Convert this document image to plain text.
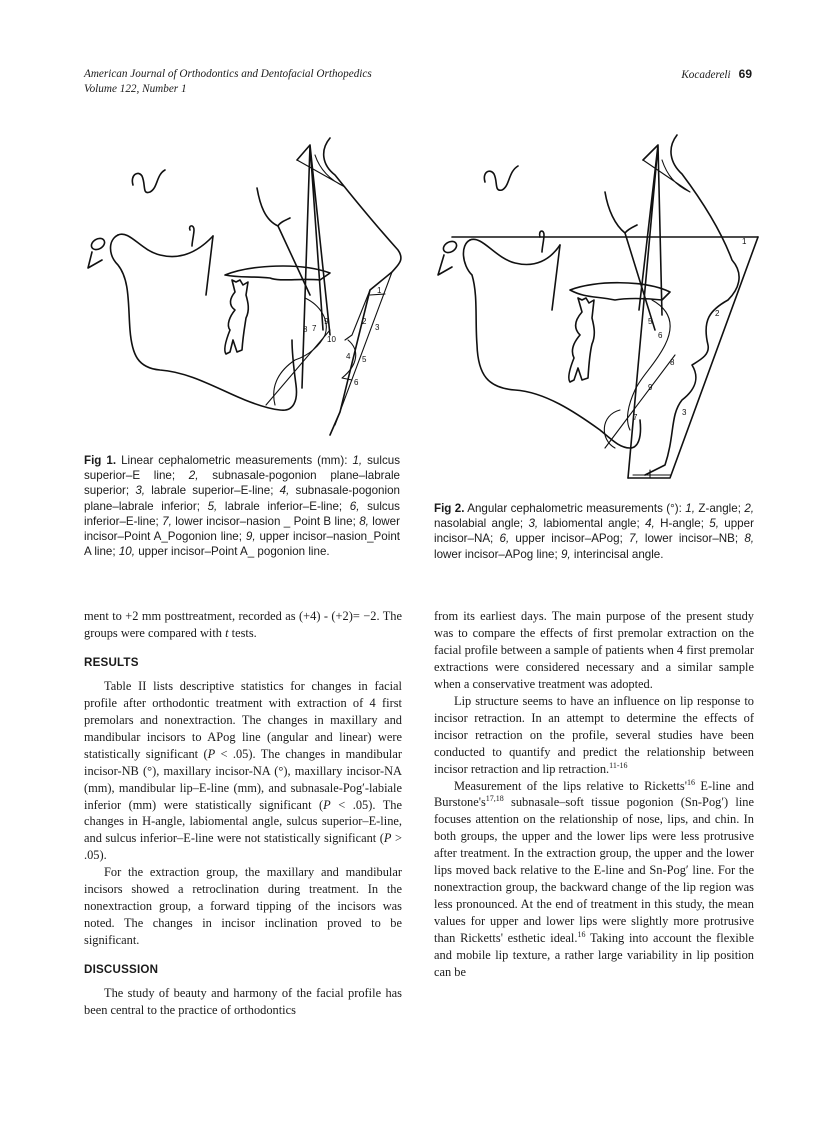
American Journal of Orthodontics and Dentofacial Orthopedics
Volume 122, Number 1
Kocadereli 69
1
2
3
4 5
6
7
8
9
10
1
2
3
5
6
7
8
9
Fig 1. Linear cephalometric measurements (mm): 1, sulcus superior–E line; 2, subnasale-pogonion plane–labrale superior; 3, labrale superior–E-line; 4, subnasale-pogonion plane–labrale inferior; 5, labrale inferior–E-line; 6, sulcus inferior–E-line; 7, lower incisor–nasion _ Point B line; 8, lower incisor–Point A_Pogonion line; 9, upper incisor–nasion_Point A line; 10, upper incisor–Point A_ pogonion line.
Fig 2. Angular cephalometric measurements (°): 1, Z-angle; 2, nasolabial angle; 3, labiomental angle; 4, H-angle; 5, upper incisor–NA; 6, upper incisor–APog; 7, lower incisor–NB; 8, lower incisor–APog line; 9, interincisal angle.

ment to +2 mm posttreatment, recorded as (+4) - (+2)= −2. The groups were compared with t tests.

RESULTS

Table II lists descriptive statistics for changes in facial profile after orthodontic treatment with extraction of 4 first premolars and nonextraction. The changes in maxillary and mandibular incisors to APog line (angular and linear) were statistically significant (P < .05). The changes in mandibular incisor-NB (°), maxillary incisor-NA (°), maxillary incisor-NA (mm), mandibular lip–E-line (mm), and subnasale-Pog′-labiale inferior (mm) were statistically significant (P < .05). The changes in H-angle, labiomental angle, sulcus superior–E-line, and sulcus inferior–E-line were not statistically significant (P > .05).

For the extraction group, the maxillary and mandibular incisors showed a retroclination during treatment. In the nonextraction group, a forward tipping of the incisors was noted. The changes in incisor inclination proved to be significant.

DISCUSSION

The study of beauty and harmony of the facial profile has been central to the practice of orthodontics

from its earliest days. The main purpose of the present study was to compare the effects of first premolar extraction on the facial profile between a sample of patients when 4 first premolar extractions were considered necessary and a similar sample when a conservative treatment was adopted.

Lip structure seems to have an influence on lip response to incisor retraction. In an attempt to determine the effects of incisor retraction on the profile, several studies have been conducted to quantify and predict the relationship between incisor retraction and lip retraction.$^{11-16}$

Measurement of the lips relative to $Ricketts'^{16}$ E-line and $Burstone's^{17,18}$ subnasale–soft tissue pogonion (Sn-Pog′) line focuses attention on the relationship of nose, lips, and chin. In both groups, the upper and the lower lips were less protrusive after treatment. In the extraction group, the upper and the lower lips moved back relative to the E-line and Sn-Pog′ line. For the nonextraction group, the backward change of the lip region was less pronounced. At the end of treatment in this study, the mean values for upper and lower lips were slightly more protrusive than Ricketts' esthetic ideal.$^{16}$ Taking into account the flexible and mobile lip texture, a rather large variability in lip position can be
